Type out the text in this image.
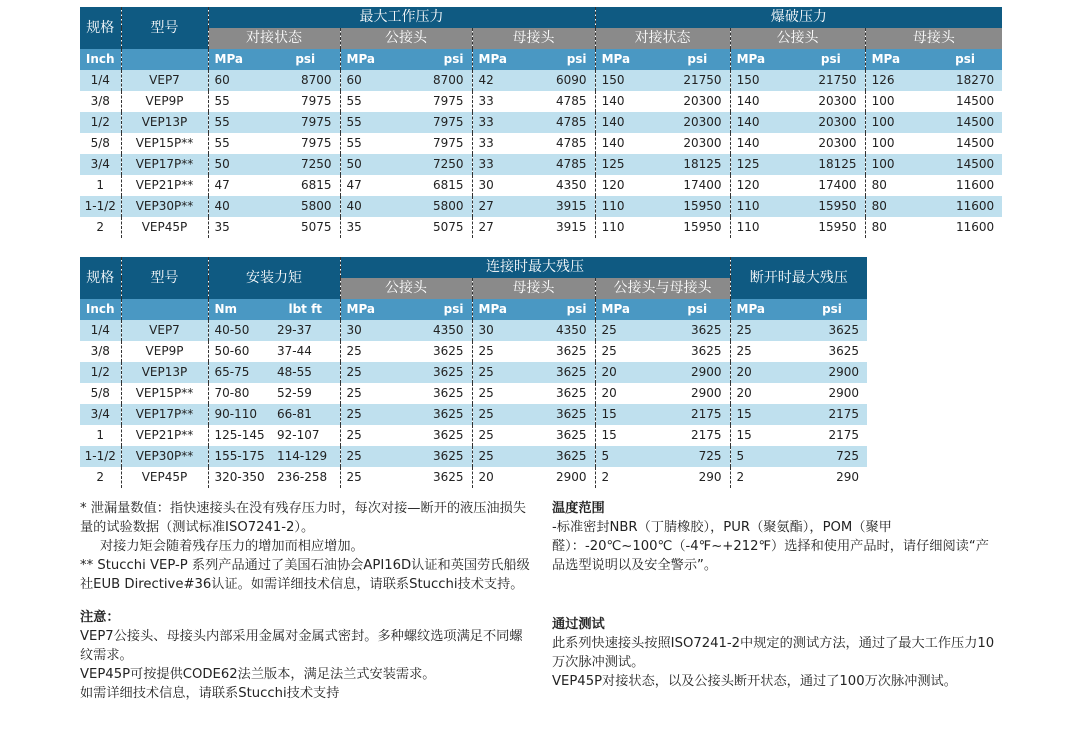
规格	型号	最大工作压力						爆破压力					
		对接状态		公接头		母接头		对接状态		公接头		母接头	
Inch		MPa	psi	MPa	psi	MPa	psi	MPa	psi	MPa	psi	MPa	psi
1/4	VEP7	60	8700	60	8700	42	6090	150	21750	150	21750	126	18270
3/8	VEP9P	55	7975	55	7975	33	4785	140	20300	140	20300	100	14500
1/2	VEP13P	55	7975	55	7975	33	4785	140	20300	140	20300	100	14500
5/8	VEP15P**	55	7975	55	7975	33	4785	140	20300	140	20300	100	14500
3/4	VEP17P**	50	7250	50	7250	33	4785	125	18125	125	18125	100	14500
1	VEP21P**	47	6815	47	6815	30	4350	120	17400	120	17400	80	11600
1-1/2	VEP30P**	40	5800	40	5800	27	3915	110	15950	110	15950	80	11600
2	VEP45P	35	5075	35	5075	27	3915	110	15950	110	15950	80	11600
规格	型号	安装力矩		连接时最大残压						断开时最大残压	
				公接头		母接头		公接头与母接头			
Inch		Nm	lbt ft	MPa	psi	MPa	psi	MPa	psi	MPa	psi
1/4	VEP7	40-50	29-37	30	4350	30	4350	25	3625	25	3625
3/8	VEP9P	50-60	37-44	25	3625	25	3625	25	3625	25	3625
1/2	VEP13P	65-75	48-55	25	3625	25	3625	20	2900	20	2900
5/8	VEP15P**	70-80	52-59	25	3625	25	3625	20	2900	20	2900
3/4	VEP17P**	90-110	66-81	25	3625	25	3625	15	2175	15	2175
1	VEP21P**	125-145	92-107	25	3625	25	3625	15	2175	15	2175
1-1/2	VEP30P**	155-175	114-129	25	3625	25	3625	5	725	5	725
2	VEP45P	320-350	236-258	25	3625	20	2900	2	290	2	290

* 泄漏量数值：指快速接头在没有残存压力时，每次对接—断开的液压油损失量的试验数据（测试标准ISO7241-2）。

对接力矩会随着残存压力的增加而相应增加。

** Stucchi VEP-P 系列产品通过了美国石油协会API16D认证和英国劳氏船级社EUB Directive#36认证。如需详细技术信息，请联系Stucchi技术支持。

注意：

VEP7公接头、母接头内部采用金属对金属式密封。多种螺纹选项满足不同螺纹需求。

VEP45P可按提供CODE62法兰版本，满足法兰式安装需求。

如需详细技术信息，请联系Stucchi技术支持

温度范围

-标准密封NBR（丁腈橡胶），PUR（聚氨酯），POM（聚甲醛）：-20℃~100℃（-4℉~+212℉）选择和使用产品时，请仔细阅读“产品选型说明以及安全警示”。

通过测试

此系列快速接头按照ISO7241-2中规定的测试方法，通过了最大工作压力10万次脉冲测试。

VEP45P对接状态，以及公接头断开状态，通过了100万次脉冲测试。
